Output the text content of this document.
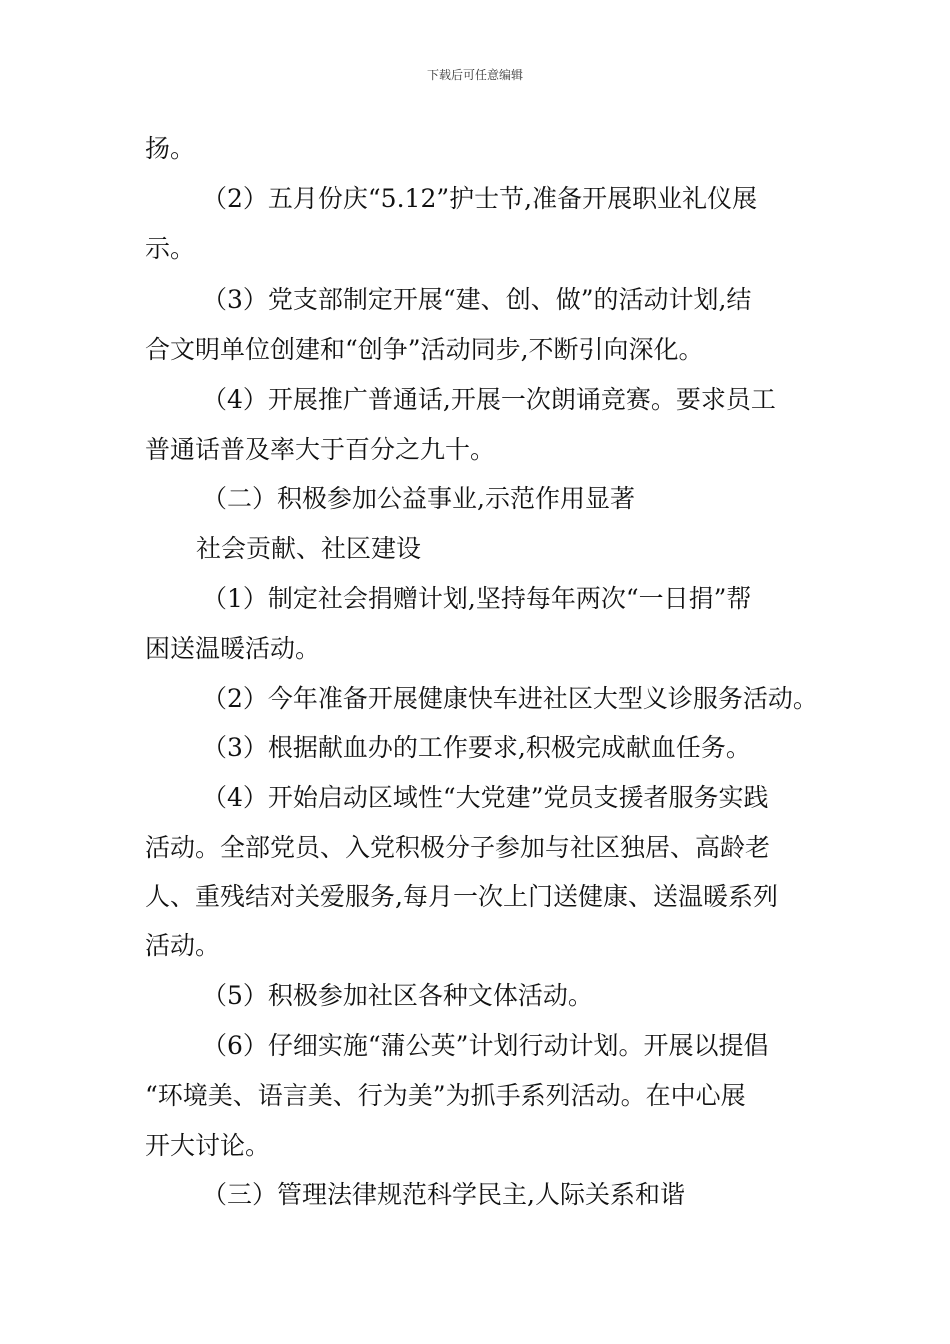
下载后可任意编辑
扬。
（2）五月份庆“5.12”护士节,准备开展职业礼仪展
示。
（3）党支部制定开展“建、创、做”的活动计划,结
合文明单位创建和“创争”活动同步,不断引向深化。
（4）开展推广普通话,开展一次朗诵竞赛。要求员工
普通话普及率大于百分之九十。
（二）积极参加公益事业,示范作用显著
社会贡献、社区建设
（1）制定社会捐赠计划,坚持每年两次“一日捐”帮
困送温暖活动。
（2）今年准备开展健康快车进社区大型义诊服务活动。
（3）根据献血办的工作要求,积极完成献血任务。
（4）开始启动区域性“大党建”党员支援者服务实践
活动。全部党员、入党积极分子参加与社区独居、高龄老
人、重残结对关爱服务,每月一次上门送健康、送温暖系列
活动。
（5）积极参加社区各种文体活动。
（6）仔细实施“蒲公英”计划行动计划。开展以提倡
“环境美、语言美、行为美”为抓手系列活动。在中心展
开大讨论。
（三）管理法律规范科学民主,人际关系和谐
